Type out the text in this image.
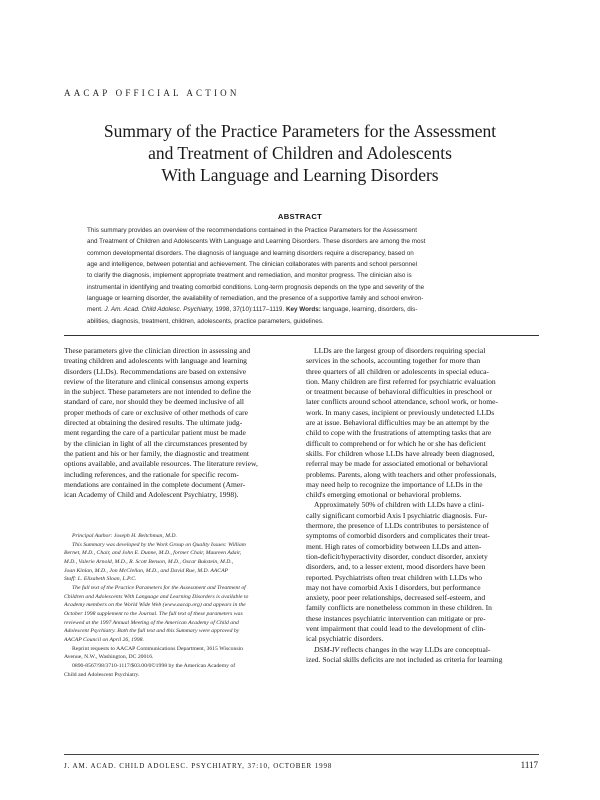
AACAP OFFICIAL ACTION
Summary of the Practice Parameters for the Assessment
and Treatment of Children and Adolescents
With Language and Learning Disorders
ABSTRACT
This summary provides an overview of the recommendations contained in the Practice Parameters for the Assessment
and Treatment of Children and Adolescents With Language and Learning Disorders. These disorders are among the most
common developmental disorders. The diagnosis of language and learning disorders require a discrepancy, based on
age and intelligence, between potential and achievement. The clinician collaborates with parents and school personnel
to clarify the diagnosis, implement appropriate treatment and remediation, and monitor progress. The clinician also is
instrumental in identifying and treating comorbid conditions. Long-term prognosis depends on the type and severity of the
language or learning disorder, the availability of remediation, and the presence of a supportive family and school environ-
ment. J. Am. Acad. Child Adolesc. Psychiatry, 1998, 37(10):1117–1119. Key Words: language, learning, disorders, dis-
abilities, diagnosis, treatment, children, adolescents, practice parameters, guidelines.
These parameters give the clinician direction in assessing and
treating children and adolescents with language and learning
disorders (LLDs). Recommendations are based on extensive
review of the literature and clinical consensus among experts
in the subject. These parameters are not intended to define the
standard of care, nor should they be deemed inclusive of all
proper methods of care or exclusive of other methods of care
directed at obtaining the desired results. The ultimate judg-
ment regarding the care of a particular patient must be made
by the clinician in light of all the circumstances presented by
the patient and his or her family, the diagnostic and treatment
options available, and available resources. The literature review,
including references, and the rationale for specific recom-
mendations are contained in the complete document (Amer-
ican Academy of Child and Adolescent Psychiatry, 1998).
Principal Author: Joseph H. Beitchman, M.D.
This Summary was developed by the Work Group on Quality Issues: William
Bernet, M.D., Chair, and John E. Dunne, M.D., former Chair, Maureen Adair,
M.D., Valerie Arnold, M.D., R. Scott Benson, M.D., Oscar Bukstein, M.D.,
Joan Kinlan, M.D., Jon McClellan, M.D., and David Rue, M.D. AACAP
Staff: L. Elizabeth Sloan, L.P.C.
The full text of the Practice Parameters for the Assessment and Treatment of
Children and Adolescents With Language and Learning Disorders is available to
Academy members on the World Wide Web (www.aacap.org) and appears in the
October 1998 supplement to the Journal. The full text of these parameters was
reviewed at the 1997 Annual Meeting of the American Academy of Child and
Adolescent Psychiatry. Both the full text and this Summary were approved by
AACAP Council on April 26, 1998.
Reprint requests to AACAP Communications Department, 3615 Wisconsin
Avenue, N.W., Washington, DC 20016.
0890-8567/98/3710-1117/$03.00/0©1998 by the American Academy of
Child and Adolescent Psychiatry.
LLDs are the largest group of disorders requiring special
services in the schools, accounting together for more than
three quarters of all children or adolescents in special educa-
tion. Many children are first referred for psychiatric evaluation
or treatment because of behavioral difficulties in preschool or
later conflicts around school attendance, school work, or home-
work. In many cases, incipient or previously undetected LLDs
are at issue. Behavioral difficulties may be an attempt by the
child to cope with the frustrations of attempting tasks that are
difficult to comprehend or for which he or she has deficient
skills. For children whose LLDs have already been diagnosed,
referral may be made for associated emotional or behavioral
problems. Parents, along with teachers and other professionals,
may need help to recognize the importance of LLDs in the
child's emerging emotional or behavioral problems.
Approximately 50% of children with LLDs have a clini-
cally significant comorbid Axis I psychiatric diagnosis. Fur-
thermore, the presence of LLDs contributes to persistence of
symptoms of comorbid disorders and complicates their treat-
ment. High rates of comorbidity between LLDs and atten-
tion-deficit/hyperactivity disorder, conduct disorder, anxiety
disorders, and, to a lesser extent, mood disorders have been
reported. Psychiatrists often treat children with LLDs who
may not have comorbid Axis I disorders, but performance
anxiety, poor peer relationships, decreased self-esteem, and
family conflicts are nonetheless common in these children. In
these instances psychiatric intervention can mitigate or pre-
vent impairment that could lead to the development of clin-
ical psychiatric disorders.
DSM-IV reflects changes in the way LLDs are conceptual-
ized. Social skills deficits are not included as criteria for learning
J. AM. ACAD. CHILD ADOLESC. PSYCHIATRY, 37:10, OCTOBER 1998	1117
